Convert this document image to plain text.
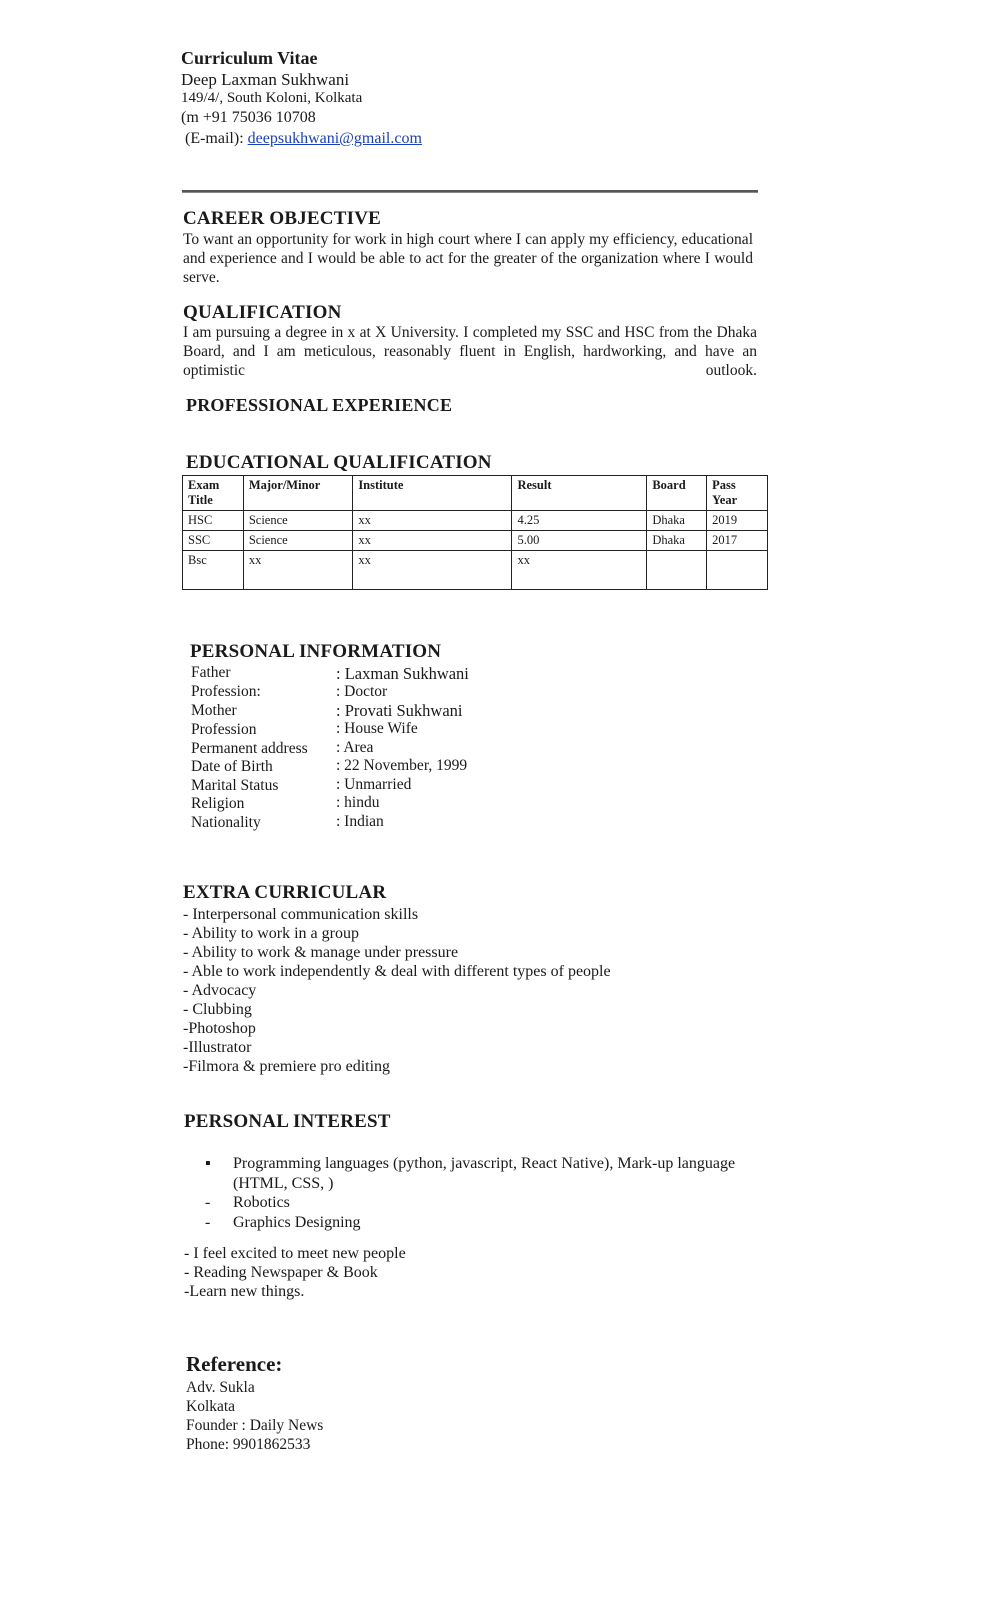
Curriculum Vitae
Deep Laxman Sukhwani
149/4/, South Koloni, Kolkata
(m +91 75036 10708
(E-mail): deepsukhwani@gmail.com
CAREER OBJECTIVE
To want an opportunity for work in high court where I can apply my efficiency, educational and experience and I would be able to act for the greater of the organization where I would serve.
QUALIFICATION
I am pursuing a degree in x at X University. I completed my SSC and HSC from the Dhaka Board, and I am meticulous, reasonably fluent in English, hardworking, and have an optimistic outlook.
PROFESSIONAL EXPERIENCE
EDUCATIONAL QUALIFICATION
Exam Title	Major/Minor	Institute	Result	Board	Pass Year
HSC	Science	xx	4.25	Dhaka	2019
SSC	Science	xx	5.00	Dhaka	2017
Bsc	xx	xx	xx		
PERSONAL INFORMATION
Father	: Laxman Sukhwani
Profession:	: Doctor
Mother	: Provati Sukhwani
Profession	: House Wife
Permanent address : Area
Date of Birth	: 22 November, 1999
Marital Status	: Unmarried
Religion	: hindu
Nationality	: Indian
EXTRA CURRICULAR
- Interpersonal communication skills
- Ability to work in a group
- Ability to work & manage under pressure
- Able to work independently & deal with different types of people
- Advocacy
- Clubbing
-Photoshop
-Illustrator
-Filmora & premiere pro editing
PERSONAL INTEREST
▪	Programming languages (python, javascript, React Native), Mark-up language (HTML, CSS, )
-	Robotics
-	Graphics Designing
- I feel excited to meet new people
- Reading Newspaper & Book
-Learn new things.
Reference:
Adv. Sukla
Kolkata
Founder : Daily News
Phone: 9901862533
